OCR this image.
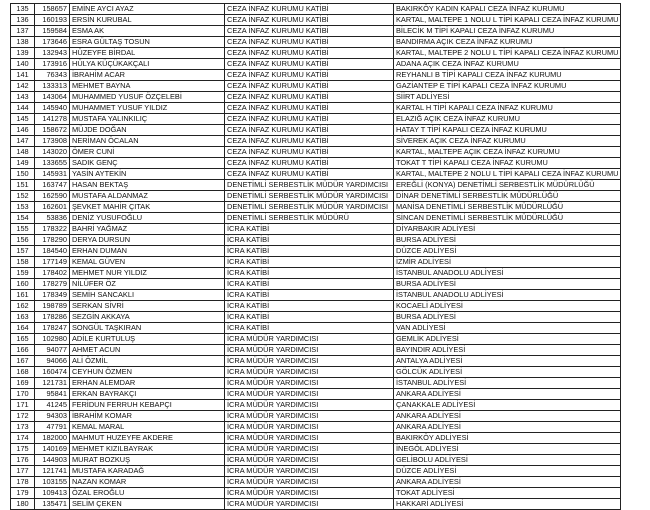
135	158657	EMİNE AYCI AYAZ	CEZA İNFAZ KURUMU KATİBİ	BAKIRKÖY KADIN KAPALI CEZA İNFAZ KURUMU
136	160193	ERSİN KURUBAL	CEZA İNFAZ KURUMU KATİBİ	KARTAL, MALTEPE 1 NOLU L TİPİ KAPALI CEZA İNFAZ KURUMU
137	159584	ESMA AK	CEZA İNFAZ KURUMU KATİBİ	BİLECİK M TİPİ KAPALI CEZA İNFAZ KURUMU
138	173646	ESRA GÜLTAŞ TOSUN	CEZA İNFAZ KURUMU KATİBİ	BANDIRMA AÇIK CEZA İNFAZ KURUMU
139	132943	HÜZEYFE BİRDAL	CEZA İNFAZ KURUMU KATİBİ	KARTAL, MALTEPE 2 NOLU L TİPİ KAPALI CEZA İNFAZ KURUMU
140	173916	HÜLYA KÜÇÜKAKÇALI	CEZA İNFAZ KURUMU KATİBİ	ADANA AÇIK CEZA İNFAZ KURUMU
141	76343	İBRAHİM ACAR	CEZA İNFAZ KURUMU KATİBİ	REYHANLI B TİPİ KAPALI CEZA İNFAZ KURUMU
142	133313	MEHMET BAYNA	CEZA İNFAZ KURUMU KATİBİ	GAZİANTEP E TİPİ KAPALI CEZA İNFAZ KURUMU
143	143064	MUHAMMED YUSUF ÖZÇELEBİ	CEZA İNFAZ KURUMU KATİBİ	SİİRT ADLİYESİ
144	145940	MUHAMMET YUSUF YILDIZ	CEZA İNFAZ KURUMU KATİBİ	KARTAL H TİPİ KAPALI CEZA İNFAZ KURUMU
145	141278	MUSTAFA YALINKILIÇ	CEZA İNFAZ KURUMU KATİBİ	ELAZIĞ AÇIK CEZA İNFAZ KURUMU
146	158672	MÜJDE DOĞAN	CEZA İNFAZ KURUMU KATİBİ	HATAY T TİPİ KAPALI CEZA İNFAZ KURUMU
147	173908	NERİMAN ÖCALAN	CEZA İNFAZ KURUMU KATİBİ	SİVEREK AÇIK CEZA İNFAZ KURUMU
148	143020	ÖMER CUNİ	CEZA İNFAZ KURUMU KATİBİ	KARTAL, MALTEPE AÇIK CEZA İNFAZ KURUMU
149	133655	SADIK GENÇ	CEZA İNFAZ KURUMU KATİBİ	TOKAT T TİPİ KAPALI CEZA İNFAZ KURUMU
150	145931	YASİN AYTEKİN	CEZA İNFAZ KURUMU KATİBİ	KARTAL, MALTEPE 2 NOLU L TİPİ KAPALI CEZA İNFAZ KURUMU
151	163747	HASAN BEKTAŞ	DENETİMLİ SERBESTLİK MÜDÜR YARDIMCISI	EREĞLİ (KONYA) DENETİMLİ SERBESTLİK MÜDÜRLÜĞÜ
152	162590	MUSTAFA ALDANMAZ	DENETİMLİ SERBESTLİK MÜDÜR YARDIMCISI	DİNAR DENETİMLİ SERBESTLİK MÜDÜRLÜĞÜ
153	162601	ŞEVKET MAHİR ÇITAK	DENETİMLİ SERBESTLİK MÜDÜR YARDIMCISI	MANİSA DENETİMLİ SERBESTLİK MÜDÜRLÜĞÜ
154	53836	DENİZ YUSUFOĞLU	DENETİMLİ SERBESTLİK MÜDÜRÜ	SİNCAN DENETİMLİ SERBESTLİK MÜDÜRLÜĞÜ
155	178322	BAHRİ YAĞMAZ	İCRA KATİBİ	DİYARBAKIR ADLİYESİ
156	178290	DERYA DURSUN	İCRA KATİBİ	BURSA ADLİYESİ
157	184540	ERHAN DUMAN	İCRA KATİBİ	DÜZCE ADLİYESİ
158	177149	KEMAL GÜVEN	İCRA KATİBİ	İZMİR ADLİYESİ
159	178402	MEHMET NUR YILDIZ	İCRA KATİBİ	İSTANBUL ANADOLU ADLİYESİ
160	178279	NİLÜFER ÖZ	İCRA KATİBİ	BURSA ADLİYESİ
161	178349	SEMİH SANCAKLI	İCRA KATİBİ	İSTANBUL ANADOLU ADLİYESİ
162	198789	SERKAN SİVRİ	İCRA KATİBİ	KOCAELİ ADLİYESİ
163	178286	SEZGİN AKKAYA	İCRA KATİBİ	BURSA ADLİYESİ
164	178247	SONGÜL TAŞKIRAN	İCRA KATİBİ	VAN ADLİYESİ
165	102980	ADİLE KURTULUŞ	İCRA MÜDÜR YARDIMCISI	GEMLİK ADLİYESİ
166	94077	AHMET ACUN	İCRA MÜDÜR YARDIMCISI	BAYINDIR ADLİYESİ
167	94066	ALİ ÖZMİL	İCRA MÜDÜR YARDIMCISI	ANTALYA ADLİYESİ
168	160474	CEYHUN ÖZMEN	İCRA MÜDÜR YARDIMCISI	GÖLCÜK ADLİYESİ
169	121731	ERHAN ALEMDAR	İCRA MÜDÜR YARDIMCISI	İSTANBUL ADLİYESİ
170	95841	ERKAN BAYRAKÇI	İCRA MÜDÜR YARDIMCISI	ANKARA ADLİYESİ
171	41245	FERİDUN FERRUH KEBAPÇI	İCRA MÜDÜR YARDIMCISI	ÇANAKKALE ADLİYESİ
172	94303	İBRAHİM KOMAR	İCRA MÜDÜR YARDIMCISI	ANKARA ADLİYESİ
173	47791	KEMAL MARAL	İCRA MÜDÜR YARDIMCISI	ANKARA ADLİYESİ
174	182000	MAHMUT HUZEYFE AKDERE	İCRA MÜDÜR YARDIMCISI	BAKIRKÖY ADLİYESİ
175	140169	MEHMET KIZILBAYRAK	İCRA MÜDÜR YARDIMCISI	İNEGÖL ADLİYESİ
176	144903	MURAT BOZKUŞ	İCRA MÜDÜR YARDIMCISI	GELİBOLU ADLİYESİ
177	121741	MUSTAFA KARADAĞ	İCRA MÜDÜR YARDIMCISI	DÜZCE ADLİYESİ
178	103155	NAZAN KOMAR	İCRA MÜDÜR YARDIMCISI	ANKARA ADLİYESİ
179	109413	ÖZAL EROĞLU	İCRA MÜDÜR YARDIMCISI	TOKAT ADLİYESİ
180	135471	SELİM ÇEKEN	İCRA MÜDÜR YARDIMCISI	HAKKARİ ADLİYESİ
